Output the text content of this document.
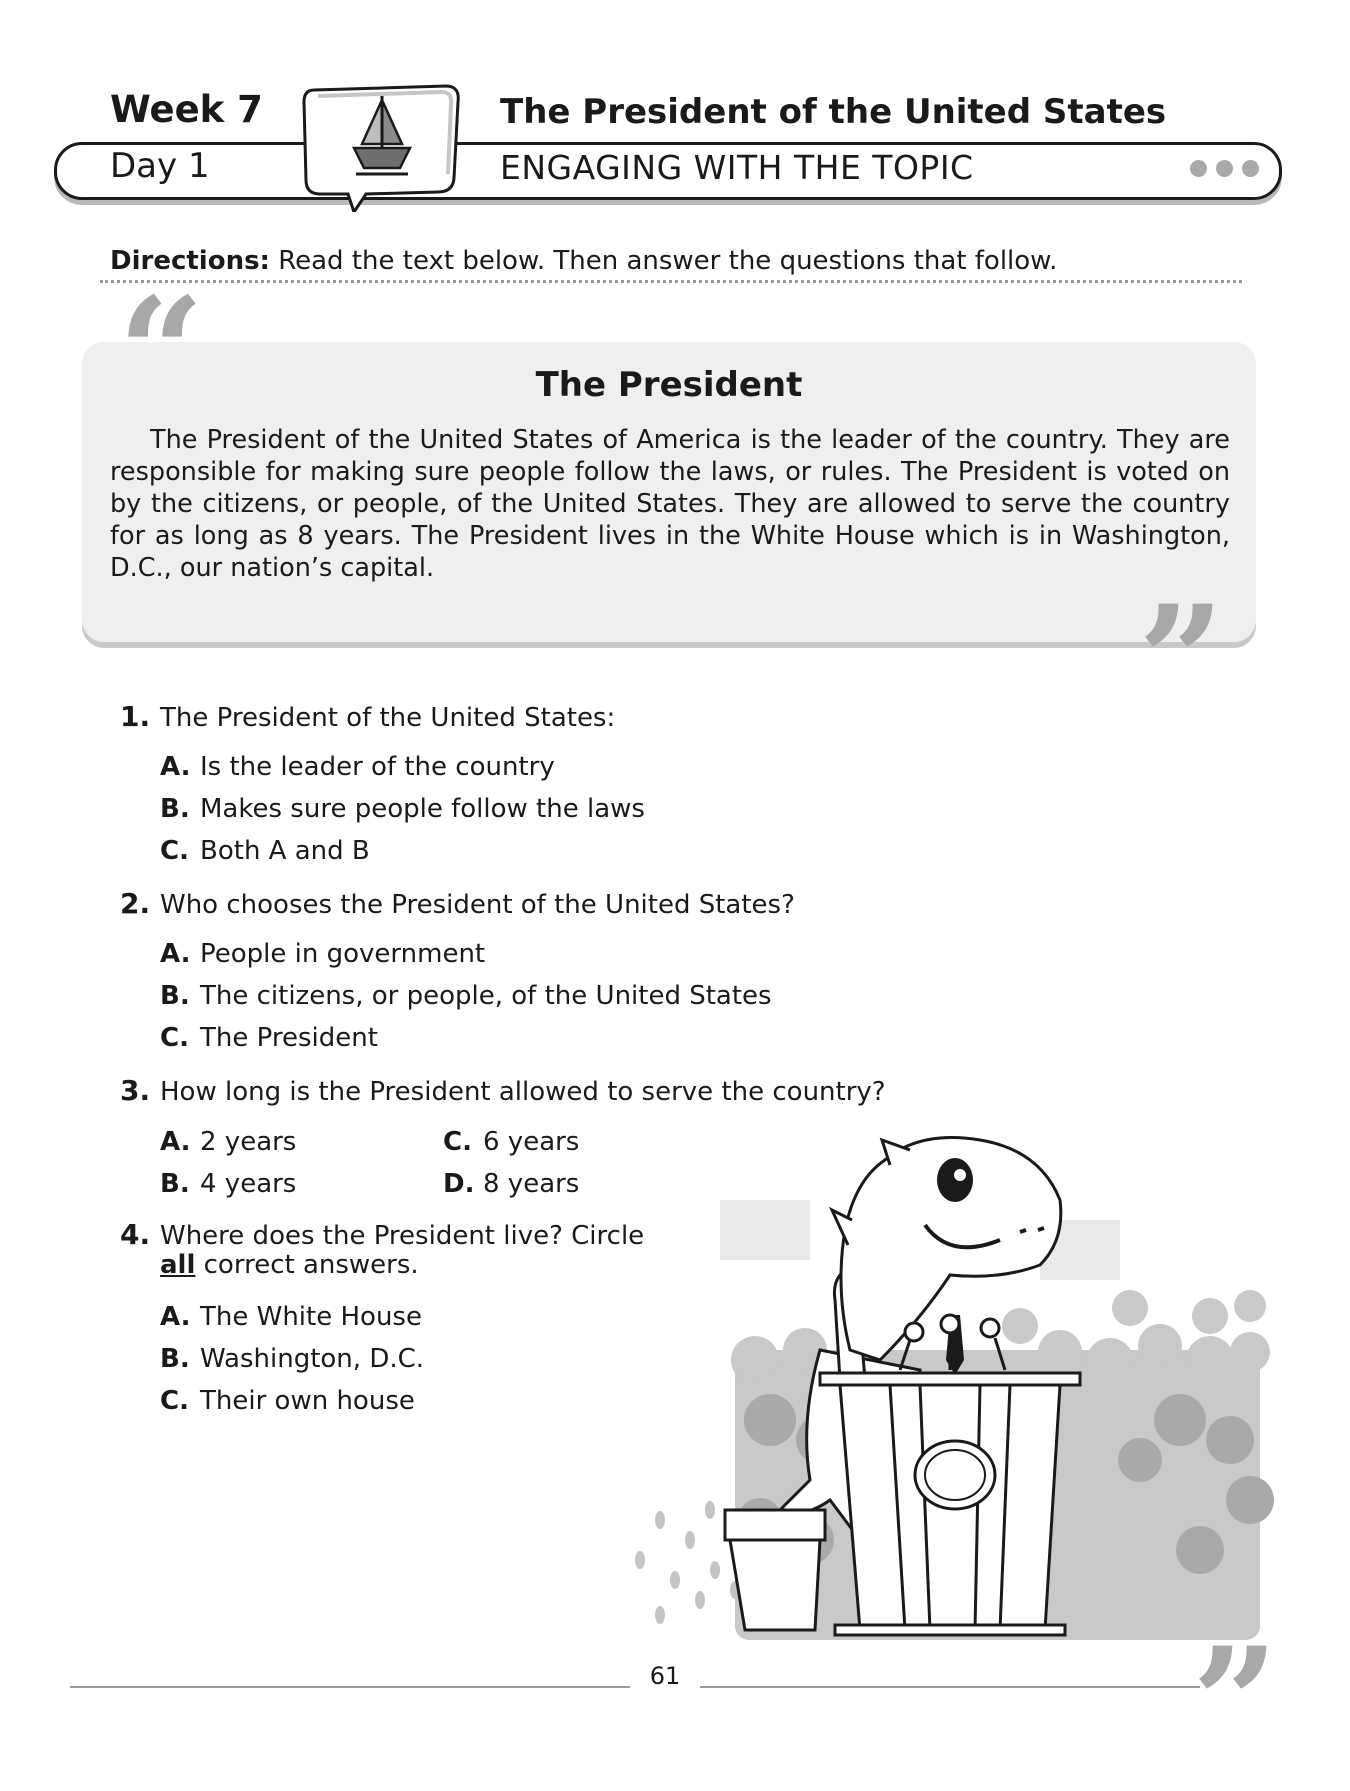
Week 7
Day 1
The President of the United States
ENGAGING WITH THE TOPIC
Directions: Read the text below. Then answer the questions that follow.
“	The President
The President of the United States of America is the leader of the country. They are responsible for making sure people follow the laws, or rules. The President is voted on by the citizens, or people, of the United States. They are allowed to serve the country for as long as 8 years. The President lives in the White House which is in Washington, D.C., our nation’s capital.
”
1. The President of the United States:
A. Is the leader of the country
B. Makes sure people follow the laws
C. Both A and B
2. Who chooses the President of the United States?
A. People in government
B. The citizens, or people, of the United States
C. The President
3. How long is the President allowed to serve the country?
A. 2 years
B. 4 years
C. 6 years
D. 8 years
4. Where does the President live? Circle
all correct answers.
A. The White House
B. Washington, D.C.
C. Their own house
61	”
